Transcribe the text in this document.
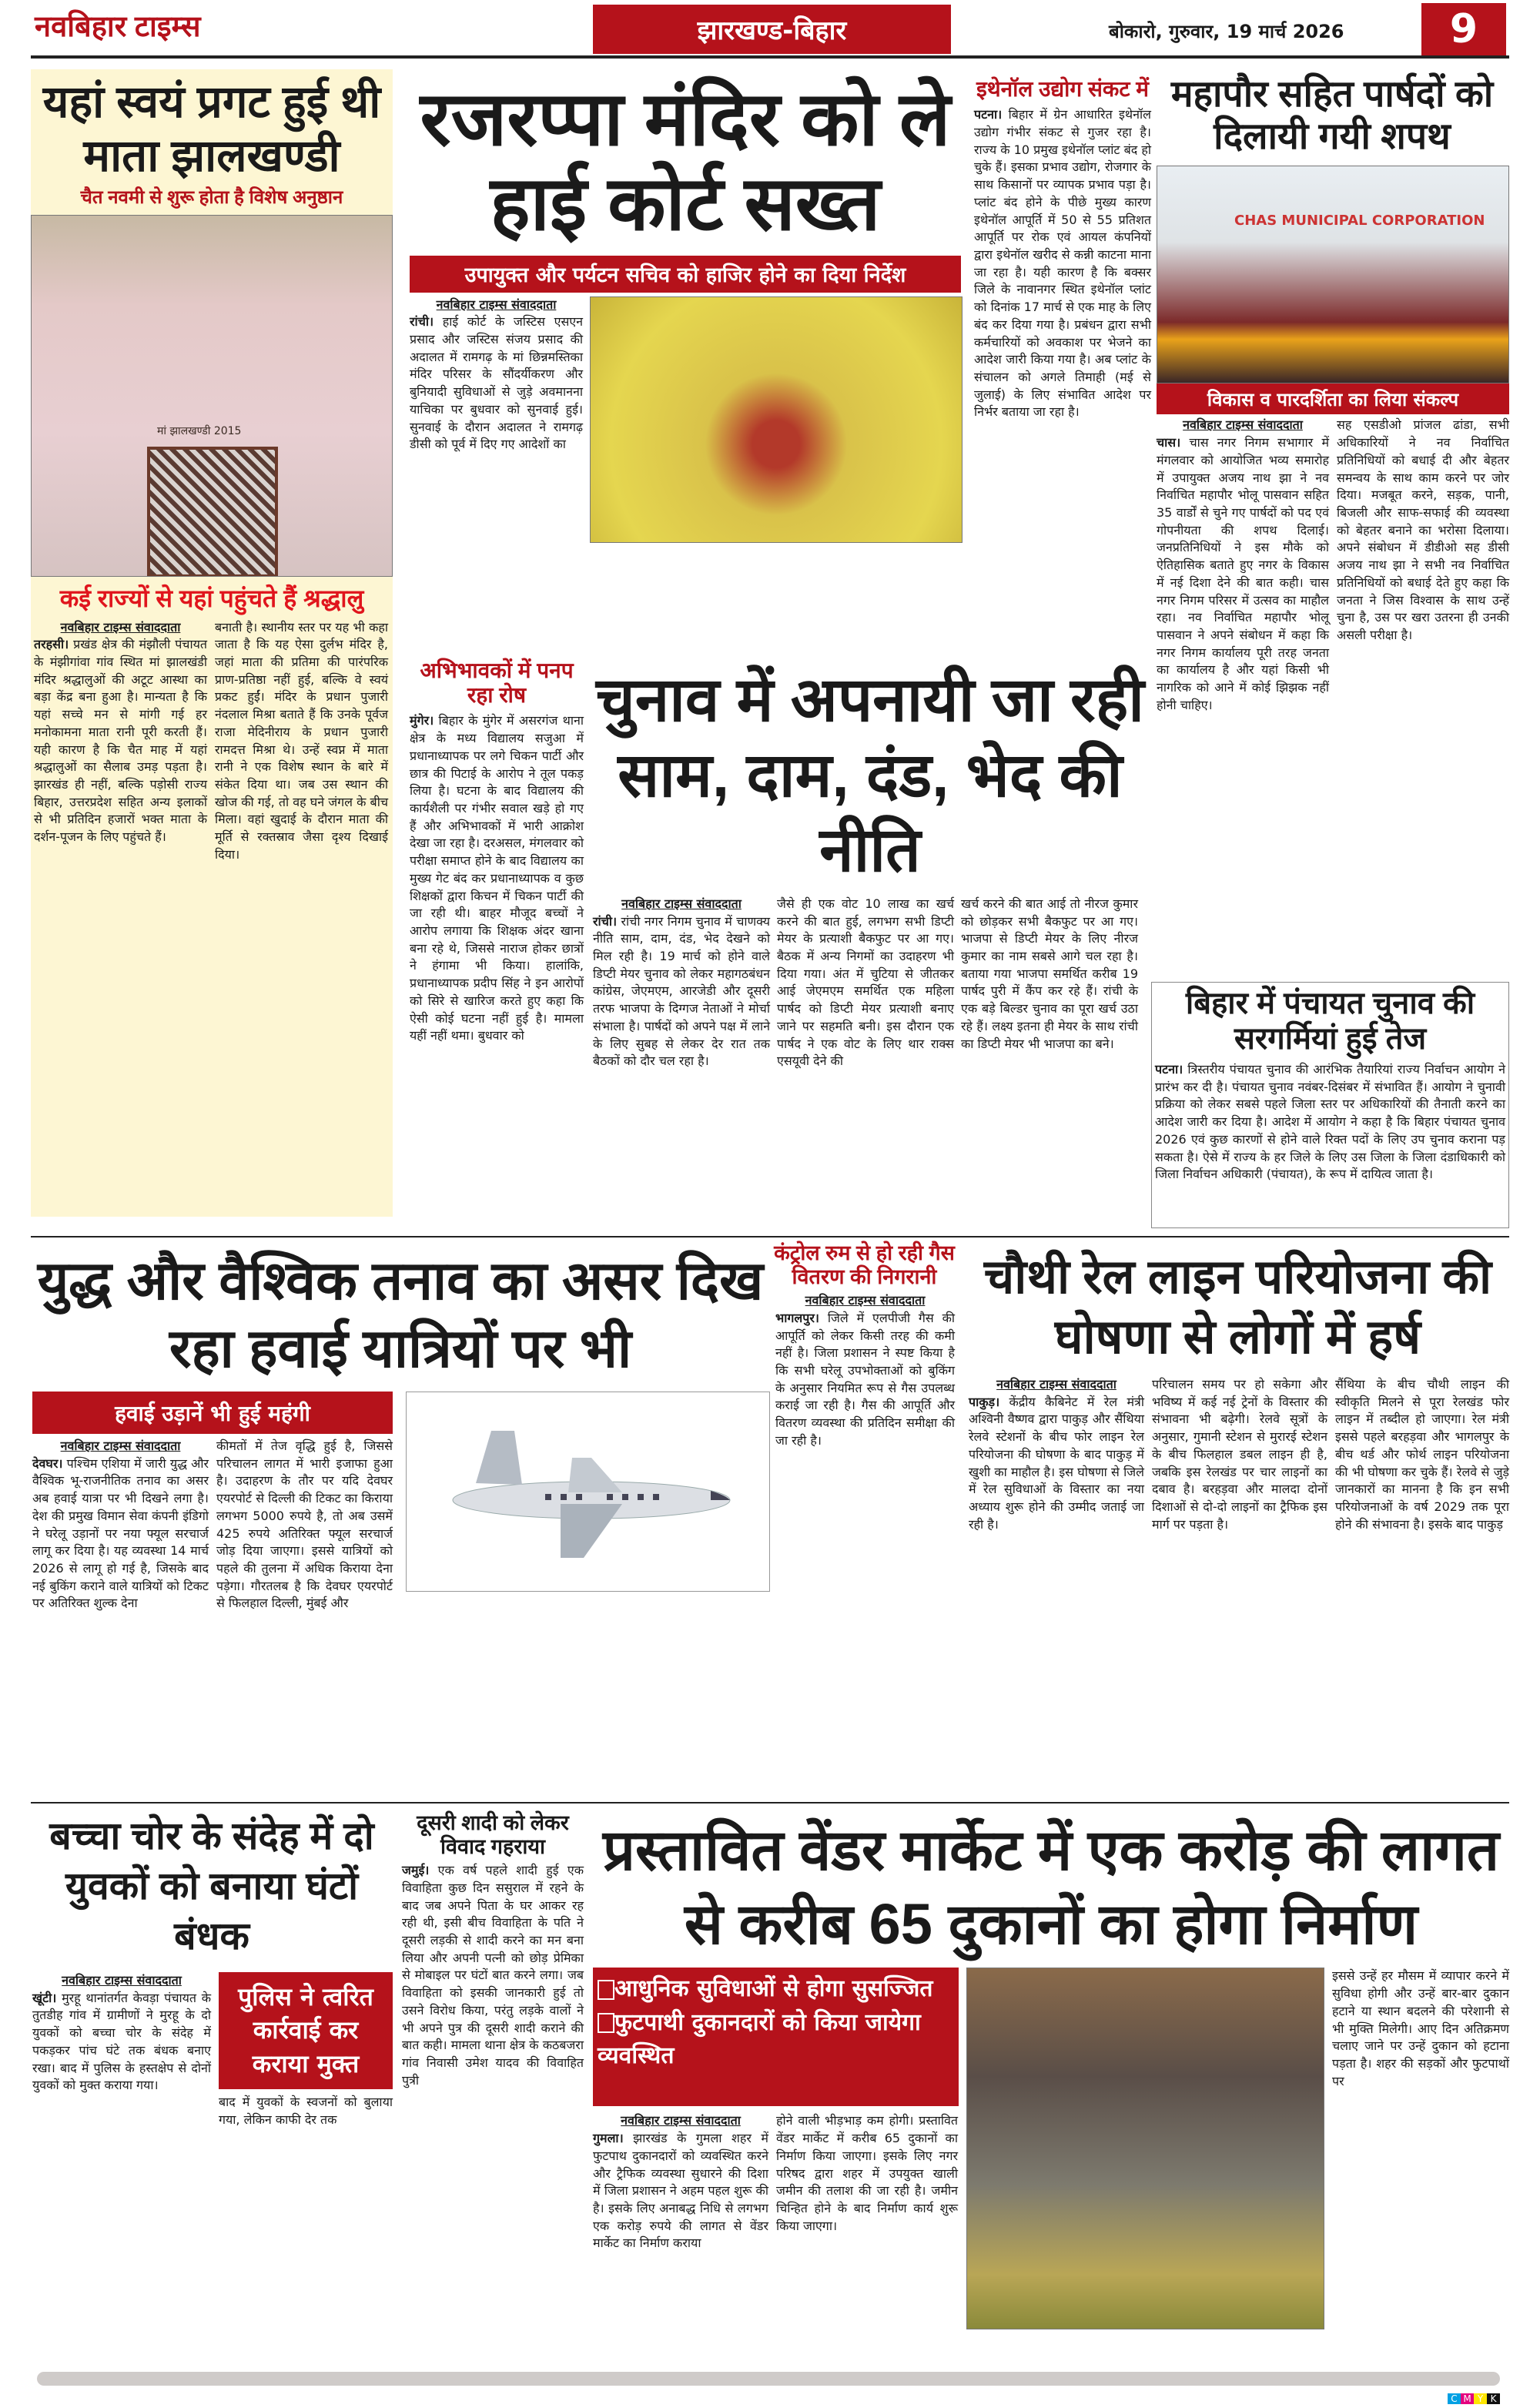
नवबिहार टाइम्स	झारखण्ड-बिहार	बोकारो, गुरुवार, 19 मार्च 2026	9
यहां स्वयं प्रगट हुई थी माता झालखण्डी
चैत नवमी से शुरू होता है विशेष अनुष्ठान
मां झालखण्डी 2015
कई राज्यों से यहां पहुंचते हैं श्रद्धालु
नवबिहार टाइम्स संवाददाता
तरहसी। प्रखंड क्षेत्र की मंझौली पंचायत के मंझीगांवा गांव स्थित मां झालखंडी मंदिर श्रद्धालुओं की अटूट आस्था का बड़ा केंद्र बना हुआ है। मान्यता है कि यहां सच्चे मन से मांगी गई हर मनोकामना माता रानी पूरी करती हैं। यही कारण है कि चैत माह में यहां श्रद्धालुओं का सैलाब उमड़ पड़ता है। झारखंड ही नहीं, बल्कि पड़ोसी राज्य बिहार, उत्तरप्रदेश सहित अन्य इलाकों से भी प्रतिदिन हजारों भक्त माता के दर्शन-पूजन के लिए पहुंचते हैं।
बनाती है। स्थानीय स्तर पर यह भी कहा जाता है कि यह ऐसा दुर्लभ मंदिर है, जहां माता की प्रतिमा की पारंपरिक प्राण-प्रतिष्ठा नहीं हुई, बल्कि वे स्वयं प्रकट हुईं। मंदिर के प्रधान पुजारी नंदलाल मिश्रा बताते हैं कि उनके पूर्वज राजा मेदिनीराय के प्रधान पुजारी रामदत्त मिश्रा थे। उन्हें स्वप्न में माता रानी ने एक विशेष स्थान के बारे में संकेत दिया था। जब उस स्थान की खोज की गई, तो वह घने जंगल के बीच मिला। वहां खुदाई के दौरान माता की मूर्ति से रक्तस्राव जैसा दृश्य दिखाई दिया।
रजरप्पा मंदिर को ले हाई कोर्ट सख्त
उपायुक्त और पर्यटन सचिव को हाजिर होने का दिया निर्देश
नवबिहार टाइम्स संवाददाता
रांची। हाई कोर्ट के जस्टिस एसएन प्रसाद और जस्टिस संजय प्रसाद की अदालत में रामगढ़ के मां छिन्नमस्तिका मंदिर परिसर के सौंदर्यीकरण और बुनियादी सुविधाओं से जुड़े अवमानना याचिका पर बुधवार को सुनवाई हुई। सुनवाई के दौरान अदालत ने रामगढ़ डीसी को पूर्व में दिए गए आदेशों का
इथेनॉल उद्योग संकट में
पटना। बिहार में ग्रेन आधारित इथेनॉल उद्योग गंभीर संकट से गुजर रहा है। राज्य के 10 प्रमुख इथेनॉल प्लांट बंद हो चुके हैं। इसका प्रभाव उद्योग, रोजगार के साथ किसानों पर व्यापक प्रभाव पड़ा है। प्लांट बंद होने के पीछे मुख्य कारण इथेनॉल आपूर्ति में 50 से 55 प्रतिशत आपूर्ति पर रोक एवं आयल कंपनियों द्वारा इथेनॉल खरीद से कन्नी काटना माना जा रहा है। यही कारण है कि बक्सर जिले के नावानगर स्थित इथेनॉल प्लांट को दिनांक 17 मार्च से एक माह के लिए बंद कर दिया गया है। प्रबंधन द्वारा सभी कर्मचारियों को अवकाश पर भेजने का आदेश जारी किया गया है। अब प्लांट के संचालन को अगले तिमाही (मई से जुलाई) के लिए संभावित आदेश पर निर्भर बताया जा रहा है।
महापौर सहित पार्षदों को दिलायी गयी शपथ
CHAS MUNICIPAL CORPORATION
विकास व पारदर्शिता का लिया संकल्प
नवबिहार टाइम्स संवाददाता
चास। चास नगर निगम सभागार में मंगलवार को आयोजित भव्य समारोह में उपायुक्त अजय नाथ झा ने नव निर्वाचित महापौर भोलू पासवान सहित 35 वार्डों से चुने गए पार्षदों को पद एवं गोपनीयता की शपथ दिलाई। जनप्रतिनिधियों ने इस मौके को ऐतिहासिक बताते हुए नगर के विकास में नई दिशा देने की बात कही। चास नगर निगम परिसर में उत्सव का माहौल रहा। नव निर्वाचित महापौर भोलू पासवान ने अपने संबोधन में कहा कि नगर निगम कार्यालय पूरी तरह जनता का कार्यालय है और यहां किसी भी नागरिक को आने में कोई झिझक नहीं होनी चाहिए।
सह एसडीओ प्रांजल ढांडा, सभी अधिकारियों ने नव निर्वाचित प्रतिनिधियों को बधाई दी और बेहतर समन्वय के साथ काम करने पर जोर दिया। मजबूत करने, सड़क, पानी, बिजली और साफ-सफाई की व्यवस्था को बेहतर बनाने का भरोसा दिलाया। अपने संबोधन में डीडीओ सह डीसी अजय नाथ झा ने सभी नव निर्वाचित प्रतिनिधियों को बधाई देते हुए कहा कि जनता ने जिस विश्वास के साथ उन्हें चुना है, उस पर खरा उतरना ही उनकी असली परीक्षा है।
अभिभावकों में पनप रहा रोष
मुंगेर। बिहार के मुंगेर में असरगंज थाना क्षेत्र के मध्य विद्यालय सजुआ में प्रधानाध्यापक पर लगे चिकन पार्टी और छात्र की पिटाई के आरोप ने तूल पकड़ लिया है। घटना के बाद विद्यालय की कार्यशैली पर गंभीर सवाल खड़े हो गए हैं और अभिभावकों में भारी आक्रोश देखा जा रहा है। दरअसल, मंगलवार को परीक्षा समाप्त होने के बाद विद्यालय का मुख्य गेट बंद कर प्रधानाध्यापक व कुछ शिक्षकों द्वारा किचन में चिकन पार्टी की जा रही थी। बाहर मौजूद बच्चों ने आरोप लगाया कि शिक्षक अंदर खाना बना रहे थे, जिससे नाराज होकर छात्रों ने हंगामा भी किया। हालांकि, प्रधानाध्यापक प्रदीप सिंह ने इन आरोपों को सिरे से खारिज करते हुए कहा कि ऐसी कोई घटना नहीं हुई है। मामला यहीं नहीं थमा। बुधवार को
चुनाव में अपनायी जा रही साम, दाम, दंड, भेद की नीति
नवबिहार टाइम्स संवाददाता
रांची। रांची नगर निगम चुनाव में चाणक्य नीति साम, दाम, दंड, भेद देखने को मिल रही है। 19 मार्च को होने वाले डिप्टी मेयर चुनाव को लेकर महागठबंधन कांग्रेस, जेएमएम, आरजेडी और दूसरी तरफ भाजपा के दिग्गज नेताओं ने मोर्चा संभाला है। पार्षदों को अपने पक्ष में लाने के लिए सुबह से लेकर देर रात तक बैठकों को दौर चल रहा है।
जैसे ही एक वोट 10 लाख का खर्च करने की बात हुई, लगभग सभी डिप्टी मेयर के प्रत्याशी बैकफुट पर आ गए। बैठक में अन्य निगमों का उदाहरण भी दिया गया। अंत में चुटिया से जीतकर आई जेएमएम समर्थित एक महिला पार्षद को डिप्टी मेयर प्रत्याशी बनाए जाने पर सहमति बनी। इस दौरान एक पार्षद ने एक वोट के लिए थार राक्स एसयूवी देने की
खर्च करने की बात आई तो नीरज कुमार को छोड़कर सभी बैकफुट पर आ गए। भाजपा से डिप्टी मेयर के लिए नीरज कुमार का नाम सबसे आगे चल रहा है। बताया गया भाजपा समर्थित करीब 19 पार्षद पुरी में कैंप कर रहे हैं। रांची के एक बड़े बिल्डर चुनाव का पूरा खर्च उठा रहे हैं। लक्ष्य इतना ही मेयर के साथ रांची का डिप्टी मेयर भी भाजपा का बने।
बिहार में पंचायत चुनाव की सरगर्मियां हुई तेज
पटना। त्रिस्तरीय पंचायत चुनाव की आरंभिक तैयारियां राज्य निर्वाचन आयोग ने प्रारंभ कर दी है। पंचायत चुनाव नवंबर-दिसंबर में संभावित हैं। आयोग ने चुनावी प्रक्रिया को लेकर सबसे पहले जिला स्तर पर अधिकारियों की तैनाती करने का आदेश जारी कर दिया है। आदेश में आयोग ने कहा है कि बिहार पंचायत चुनाव 2026 एवं कुछ कारणों से होने वाले रिक्त पदों के लिए उप चुनाव कराना पड़ सकता है। ऐसे में राज्य के हर जिले के लिए उस जिला के जिला दंडाधिकारी को जिला निर्वाचन अधिकारी (पंचायत), के रूप में दायित्व जाता है।
युद्ध और वैश्विक तनाव का असर दिख रहा हवाई यात्रियों पर भी
हवाई उड़ानें भी हुई महंगी
नवबिहार टाइम्स संवाददाता
देवघर। पश्चिम एशिया में जारी युद्ध और वैश्विक भू-राजनीतिक तनाव का असर अब हवाई यात्रा पर भी दिखने लगा है। देश की प्रमुख विमान सेवा कंपनी इंडिगो ने घरेलू उड़ानों पर नया फ्यूल सरचार्ज लागू कर दिया है। यह व्यवस्था 14 मार्च 2026 से लागू हो गई है, जिसके बाद नई बुकिंग कराने वाले यात्रियों को टिकट पर अतिरिक्त शुल्क देना
कीमतों में तेज वृद्धि हुई है, जिससे परिचालन लागत में भारी इजाफा हुआ है। उदाहरण के तौर पर यदि देवघर एयरपोर्ट से दिल्ली की टिकट का किराया लगभग 5000 रुपये है, तो अब उसमें 425 रुपये अतिरिक्त फ्यूल सरचार्ज जोड़ दिया जाएगा। इससे यात्रियों को पहले की तुलना में अधिक किराया देना पड़ेगा। गौरतलब है कि देवघर एयरपोर्ट से फिलहाल दिल्ली, मुंबई और
कंट्रोल रुम से हो रही गैस वितरण की निगरानी
नवबिहार टाइम्स संवाददाता
भागलपुर। जिले में एलपीजी गैस की आपूर्ति को लेकर किसी तरह की कमी नहीं है। जिला प्रशासन ने स्पष्ट किया है कि सभी घरेलू उपभोक्ताओं को बुकिंग के अनुसार नियमित रूप से गैस उपलब्ध कराई जा रही है। गैस की आपूर्ति और वितरण व्यवस्था की प्रतिदिन समीक्षा की जा रही है।
चौथी रेल लाइन परियोजना की घोषणा से लोगों में हर्ष
नवबिहार टाइम्स संवाददाता
पाकुड़। केंद्रीय कैबिनेट में रेल मंत्री अश्विनी वैष्णव द्वारा पाकुड़ और सैंथिया रेलवे स्टेशनों के बीच फोर लाइन रेल परियोजना की घोषणा के बाद पाकुड़ में खुशी का माहौल है। इस घोषणा से जिले में रेल सुविधाओं के विस्तार का नया अध्याय शुरू होने की उम्मीद जताई जा रही है।
परिचालन समय पर हो सकेगा और भविष्य में कई नई ट्रेनों के विस्तार की संभावना भी बढ़ेगी। रेलवे सूत्रों के अनुसार, गुमानी स्टेशन से मुरारई स्टेशन के बीच फिलहाल डबल लाइन ही है, जबकि इस रेलखंड पर चार लाइनों का दबाव है। बरहड़वा और मालदा दोनों दिशाओं से दो-दो लाइनों का ट्रैफिक इस मार्ग पर पड़ता है।
सैंथिया के बीच चौथी लाइन की स्वीकृति मिलने से पूरा रेलखंड फोर लाइन में तब्दील हो जाएगा। रेल मंत्री इससे पहले बरहड़वा और भागलपुर के बीच थर्ड और फोर्थ लाइन परियोजना की भी घोषणा कर चुके हैं। रेलवे से जुड़े जानकारों का मानना है कि इन सभी परियोजनाओं के वर्ष 2029 तक पूरा होने की संभावना है। इसके बाद पाकुड़
बच्चा चोर के संदेह में दो युवकों को बनाया घंटों बंधक
नवबिहार टाइम्स संवाददाता
खूंटी। मुरहू थानांतर्गत केवड़ा पंचायत के तुतडीह गांव में ग्रामीणों ने मुरहू के दो युवकों को बच्चा चोर के संदेह में पकड़कर पांच घंटे तक बंधक बनाए रखा। बाद में पुलिस के हस्तक्षेप से दोनों युवकों को मुक्त कराया गया।
पुलिस ने त्वरित कार्रवाई कर कराया मुक्त
बाद में युवकों के स्वजनों को बुलाया गया, लेकिन काफी देर तक
दूसरी शादी को लेकर विवाद गहराया
जमुई। एक वर्ष पहले शादी हुई एक विवाहिता कुछ दिन ससुराल में रहने के बाद जब अपने पिता के घर आकर रह रही थी, इसी बीच विवाहिता के पति ने दूसरी लड़की से शादी करने का मन बना लिया और अपनी पत्नी को छोड़ प्रेमिका से मोबाइल पर घंटों बात करने लगा। जब विवाहिता को इसकी जानकारी हुई तो उसने विरोध किया, परंतु लड़के वालों ने भी अपने पुत्र की दूसरी शादी कराने की बात कही। मामला थाना क्षेत्र के कठबजरा गांव निवासी उमेश यादव की विवाहित पुत्री
प्रस्तावित वेंडर मार्केट में एक करोड़ की लागत से करीब 65 दुकानों का होगा निर्माण
आधुनिक सुविधाओं से होगा सुसज्जित
फुटपाथी दुकानदारों को किया जायेगा व्यवस्थित
नवबिहार टाइम्स संवाददाता
गुमला। झारखंड के गुमला शहर में फुटपाथ दुकानदारों को व्यवस्थित करने और ट्रैफिक व्यवस्था सुधारने की दिशा में जिला प्रशासन ने अहम पहल शुरू की है। इसके लिए अनाबद्ध निधि से लगभग एक करोड़ रुपये की लागत से वेंडर मार्केट का निर्माण कराया
होने वाली भीड़भाड़ कम होगी। प्रस्तावित वेंडर मार्केट में करीब 65 दुकानों का निर्माण किया जाएगा। इसके लिए नगर परिषद द्वारा शहर में उपयुक्त खाली जमीन की तलाश की जा रही है। जमीन चिन्हित होने के बाद निर्माण कार्य शुरू किया जाएगा।
इससे उन्हें हर मौसम में व्यापार करने में सुविधा होगी और उन्हें बार-बार दुकान हटाने या स्थान बदलने की परेशानी से भी मुक्ति मिलेगी। आए दिन अतिक्रमण चलाए जाने पर उन्हें दुकान को हटाना पड़ता है। शहर की सड़कों और फुटपाथों पर
C M Y K
